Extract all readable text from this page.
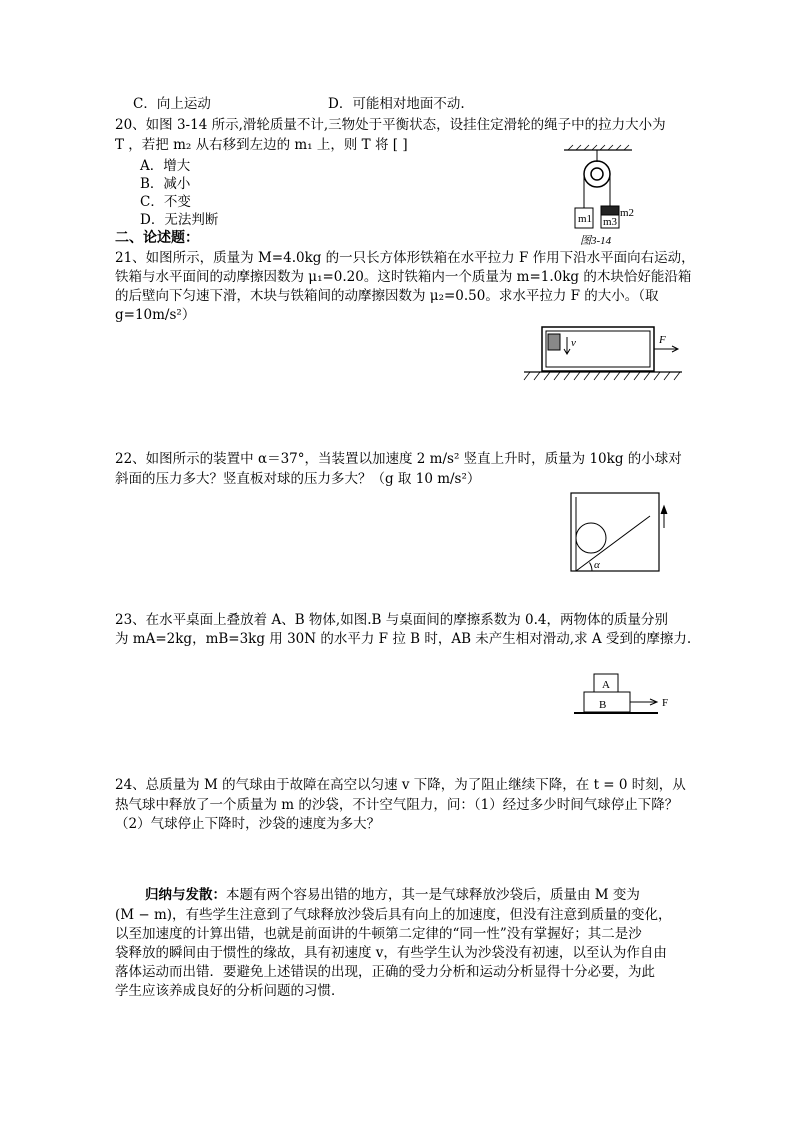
C．向上运动	D．可能相对地面不动.
20、如图 3-14 所示,滑轮质量不计,三物处于平衡状态，设挂住定滑轮的绳子中的拉力大小为
T ，若把 m₂ 从右移到左边的 m₁ 上，则 T 将 [ ]
A．增大
B．减小
C．不变
D．无法判断	m1	m2
m3
图3-14
二、论述题：
21、如图所示，质量为 M=4.0kg 的一只长方体形铁箱在水平拉力 F 作用下沿水平面向右运动，
铁箱与水平面间的动摩擦因数为 μ₁=0.20。这时铁箱内一个质量为 m=1.0kg 的木块恰好能沿箱
的后壁向下匀速下滑，木块与铁箱间的动摩擦因数为 μ₂=0.50。求水平拉力 F 的大小。（取
g=10m/s²）
v	F
22、如图所示的装置中 α＝37°，当装置以加速度 2 m/s² 竖直上升时，质量为 10kg 的小球对
斜面的压力多大？竖直板对球的压力多大？（g 取 10 m/s²）
α
23、在水平桌面上叠放着 A、B 物体,如图.B 与桌面间的摩擦系数为 0.4，两物体的质量分别
为 mA=2kg，mB=3kg 用 30N 的水平力 F 拉 B 时，AB 未产生相对滑动,求 A 受到的摩擦力.
A
B	F
24、总质量为 M 的气球由于故障在高空以匀速 v 下降，为了阻止继续下降，在 t = 0 时刻，从
热气球中释放了一个质量为 m 的沙袋，不计空气阻力，问：（1）经过多少时间气球停止下降？
（2）气球停止下降时，沙袋的速度为多大？
归纳与发散：本题有两个容易出错的地方，其一是气球释放沙袋后，质量由 M 变为
(M − m)，有些学生注意到了气球释放沙袋后具有向上的加速度，但没有注意到质量的变化，
以至加速度的计算出错，也就是前面讲的牛顿第二定律的“同一性”没有掌握好；其二是沙
袋释放的瞬间由于惯性的缘故，具有初速度 v，有些学生认为沙袋没有初速，以至认为作自由
落体运动而出错．要避免上述错误的出现，正确的受力分析和运动分析显得十分必要，为此
学生应该养成良好的分析问题的习惯．
